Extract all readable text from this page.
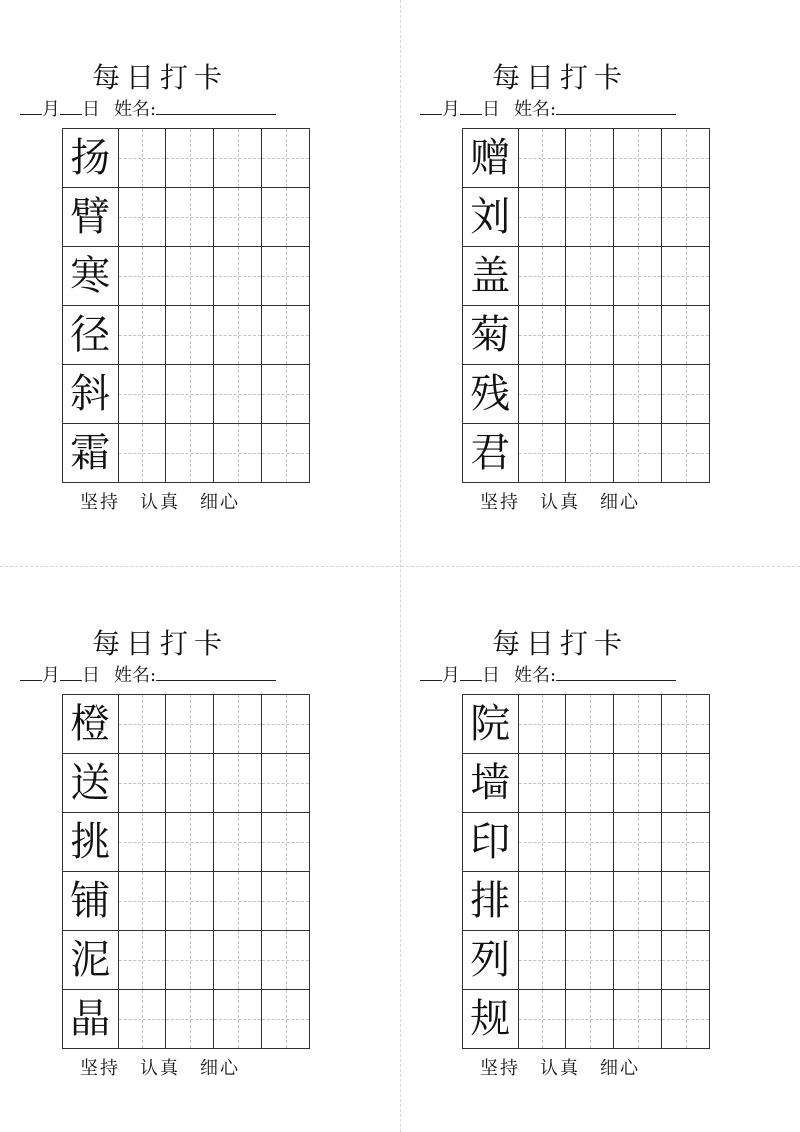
每日打卡
月 日 姓名:
扬				
臂				
寒				
径				
斜				
霜				
坚持 认真 细心
每日打卡
月 日 姓名:
赠				
刘				
盖				
菊				
残				
君				
坚持 认真 细心
每日打卡
月 日 姓名:
橙				
送				
挑				
铺				
泥				
晶				
坚持 认真 细心
每日打卡
月 日 姓名:
院				
墙				
印				
排				
列				
规				
坚持 认真 细心
